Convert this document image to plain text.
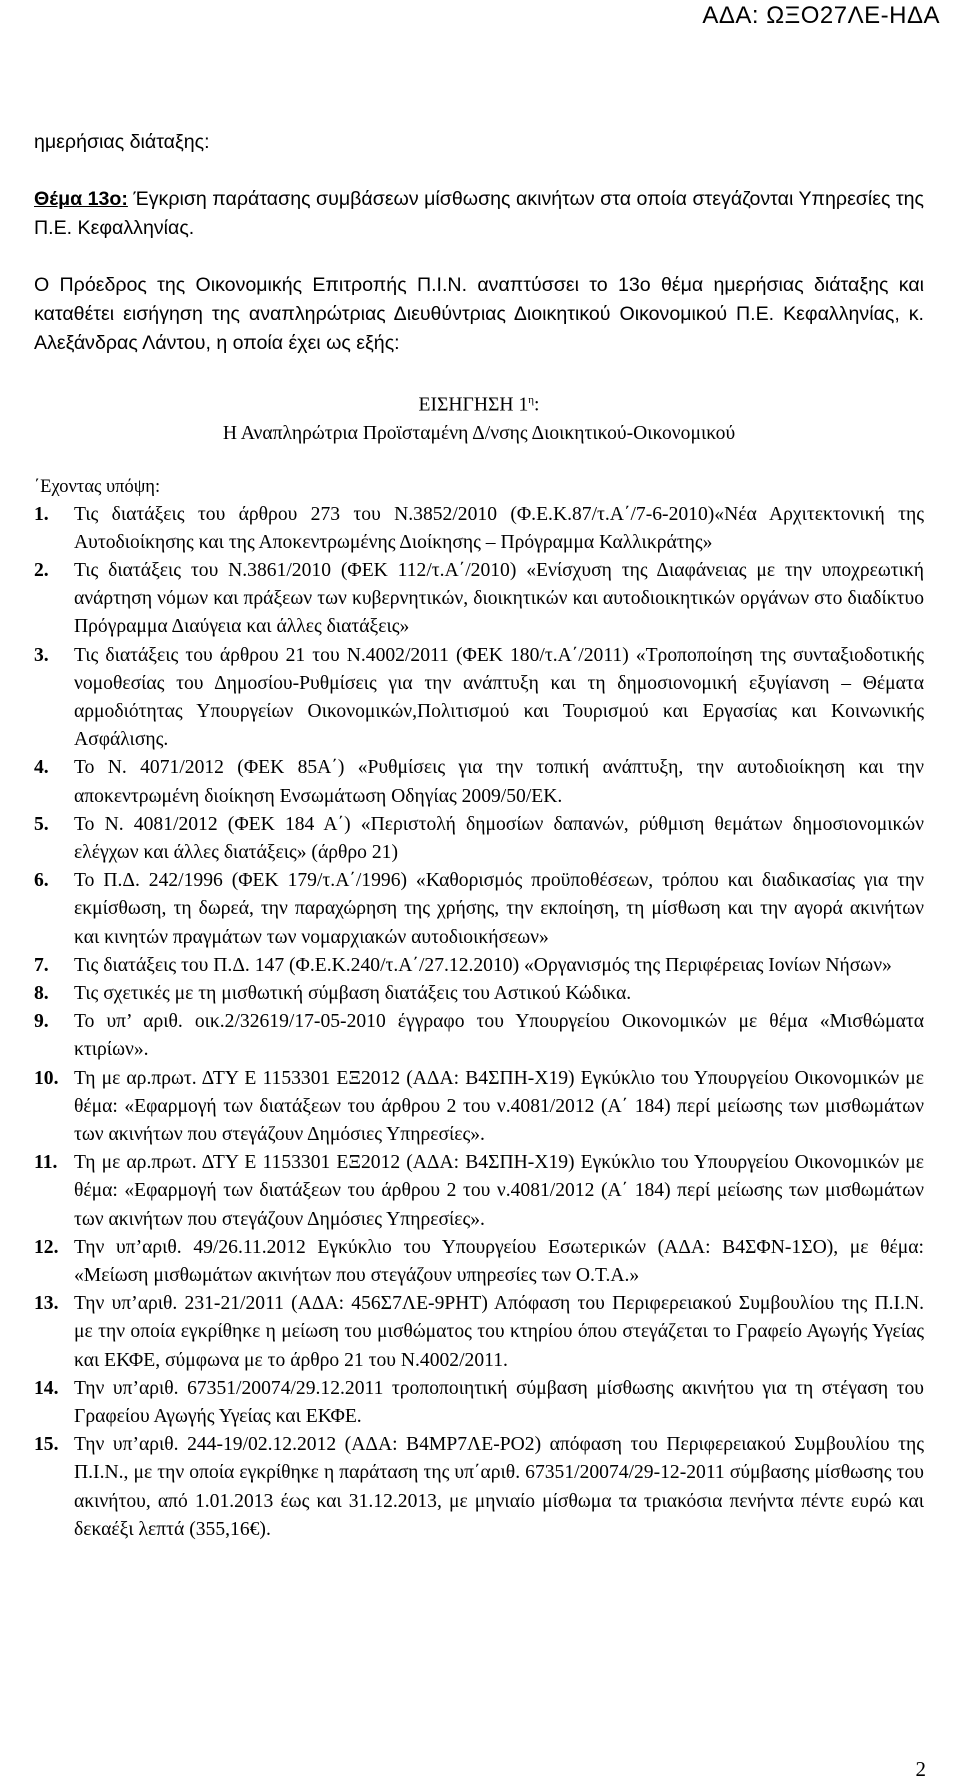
ΑΔΑ: ΩΞΟ27ΛΕ-ΗΔΑ

ημερήσιας διάταξης:

Θέμα 13ο: Έγκριση παράτασης συμβάσεων μίσθωσης ακινήτων στα οποία στεγάζονται Υπηρεσίες της Π.Ε. Κεφαλληνίας.

Ο Πρόεδρος της Οικονομικής Επιτροπής Π.Ι.Ν. αναπτύσσει το 13ο θέμα ημερήσιας διάταξης και καταθέτει εισήγηση της αναπληρώτριας Διευθύντριας Διοικητικού Οικονομικού Π.Ε. Κεφαλληνίας, κ. Αλεξάνδρας Λάντου, η οποία έχει ως εξής:

ΕΙΣΗΓΗΣΗ $1^\eta$:

Η Αναπληρώτρια Προϊσταμένη Δ/νσης Διοικητικού-Οικονομικού

΄Εχοντας υπόψη:

1. Τις διατάξεις του άρθρου 273 του Ν.3852/2010 (Φ.Ε.Κ.87/τ.Α΄/7-6-2010)«Νέα Αρχιτεκτονική της Αυτοδιοίκησης και της Αποκεντρωμένης Διοίκησης – Πρόγραμμα Καλλικράτης»
2. Τις διατάξεις του Ν.3861/2010 (ΦΕΚ 112/τ.Α΄/2010) «Ενίσχυση της Διαφάνειας με την υποχρεωτική ανάρτηση νόμων και πράξεων των κυβερνητικών, διοικητικών και αυτοδιοικητικών οργάνων στο διαδίκτυο Πρόγραμμα Διαύγεια και άλλες διατάξεις»
3. Τις διατάξεις του άρθρου 21 του Ν.4002/2011 (ΦΕΚ 180/τ.Α΄/2011) «Τροποποίηση της συνταξιοδοτικής νομοθεσίας του Δημοσίου-Ρυθμίσεις για την ανάπτυξη και τη δημοσιονομική εξυγίανση – Θέματα αρμοδιότητας Υπουργείων Οικονομικών,Πολιτισμού και Τουρισμού και Εργασίας και Κοινωνικής Ασφάλισης.
4. Το Ν. 4071/2012 (ΦΕΚ 85Α΄) «Ρυθμίσεις για την τοπική ανάπτυξη, την αυτοδιοίκηση και την αποκεντρωμένη διοίκηση Ενσωμάτωση Οδηγίας 2009/50/ΕΚ.
5. Το Ν. 4081/2012 (ΦΕΚ 184 Α΄) «Περιστολή δημοσίων δαπανών, ρύθμιση θεμάτων δημοσιονομικών ελέγχων και άλλες διατάξεις» (άρθρο 21)
6. Το Π.Δ. 242/1996 (ΦΕΚ 179/τ.Α΄/1996) «Καθορισμός προϋποθέσεων, τρόπου και διαδικασίας για την εκμίσθωση, τη δωρεά, την παραχώρηση της χρήσης, την εκποίηση, τη μίσθωση και την αγορά ακινήτων και κινητών πραγμάτων των νομαρχιακών αυτοδιοικήσεων»
7. Τις διατάξεις του Π.Δ. 147 (Φ.Ε.Κ.240/τ.Α΄/27.12.2010) «Οργανισμός της Περιφέρειας Ιονίων Νήσων»
8. Τις σχετικές με τη μισθωτική σύμβαση διατάξεις του Αστικού Κώδικα.
9. Το υπ’ αριθ. οικ.2/32619/17-05-2010 έγγραφο του Υπουργείου Οικονομικών με θέμα «Μισθώματα κτιρίων».
10. Τη με αρ.πρωτ. ΔΤΥ Ε 1153301 ΕΞ2012 (ΑΔΑ: Β4ΣΠΗ-Χ19) Εγκύκλιο του Υπουργείου Οικονομικών με θέμα: «Εφαρμογή των διατάξεων του άρθρου 2 του ν.4081/2012 (Α΄ 184) περί μείωσης των μισθωμάτων των ακινήτων που στεγάζουν Δημόσιες Υπηρεσίες».
11. Τη με αρ.πρωτ. ΔΤΥ Ε 1153301 ΕΞ2012 (ΑΔΑ: Β4ΣΠΗ-Χ19) Εγκύκλιο του Υπουργείου Οικονομικών με θέμα: «Εφαρμογή των διατάξεων του άρθρου 2 του ν.4081/2012 (Α΄ 184) περί μείωσης των μισθωμάτων των ακινήτων που στεγάζουν Δημόσιες Υπηρεσίες».
12. Την υπ’αριθ. 49/26.11.2012 Εγκύκλιο του Υπουργείου Εσωτερικών (ΑΔΑ: Β4ΣΦΝ-1ΣΟ), με θέμα: «Μείωση μισθωμάτων ακινήτων που στεγάζουν υπηρεσίες των Ο.Τ.Α.»
13. Την υπ’αριθ. 231-21/2011 (ΑΔΑ: 456Σ7ΛΕ-9ΡΗΤ) Απόφαση του Περιφερειακού Συμβουλίου της Π.Ι.Ν. με την οποία εγκρίθηκε η μείωση του μισθώματος του κτηρίου όπου στεγάζεται το Γραφείο Αγωγής Υγείας και ΕΚΦΕ, σύμφωνα με το άρθρο 21 του Ν.4002/2011.
14. Την υπ’αριθ. 67351/20074/29.12.2011 τροποποιητική σύμβαση μίσθωσης ακινήτου για τη στέγαση του Γραφείου Αγωγής Υγείας και ΕΚΦΕ.
15. Την υπ’αριθ. 244-19/02.12.2012 (ΑΔΑ: Β4ΜΡ7ΛΕ-ΡΟ2) απόφαση του Περιφερειακού Συμβουλίου της Π.Ι.Ν., με την οποία εγκρίθηκε η παράταση της υπ΄αριθ. 67351/20074/29-12-2011 σύμβασης μίσθωσης του ακινήτου, από 1.01.2013 έως και 31.12.2013, με μηνιαίο μίσθωμα τα τριακόσια πενήντα πέντε ευρώ και δεκαέξι λεπτά (355,16€).
2
